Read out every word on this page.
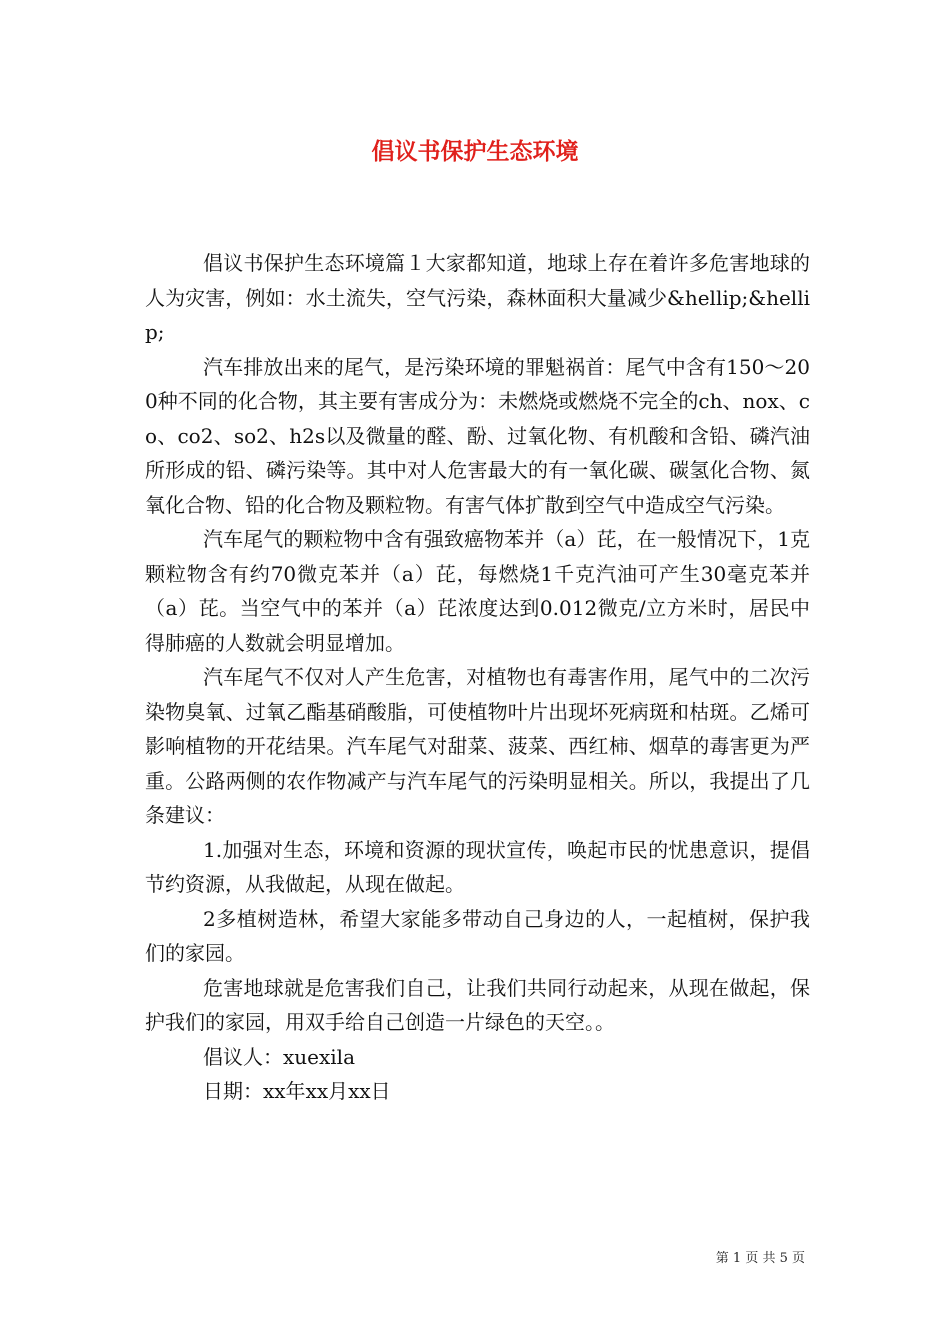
倡议书保护生态环境

倡议书保护生态环境篇１大家都知道，地球上存在着许多危害地球的人为灾害，例如：水土流失，空气污染，森林面积大量减少&hellip;&hellip;

汽车排放出来的尾气，是污染环境的罪魁祸首：尾气中含有150～200种不同的化合物，其主要有害成分为：未燃烧或燃烧不完全的ch、nox、co、co2、so2、h2s以及微量的醛、酚、过氧化物、有机酸和含铅、磷汽油所形成的铅、磷污染等。其中对人危害最大的有一氧化碳、碳氢化合物、氮氧化合物、铅的化合物及颗粒物。有害气体扩散到空气中造成空气污染。

汽车尾气的颗粒物中含有强致癌物苯并（a）芘，在一般情况下，1克颗粒物含有约70微克苯并（a）芘，每燃烧1千克汽油可产生30毫克苯并（a）芘。当空气中的苯并（a）芘浓度达到0.012微克/立方米时，居民中得肺癌的人数就会明显增加。

汽车尾气不仅对人产生危害，对植物也有毒害作用，尾气中的二次污染物臭氧、过氧乙酯基硝酸脂，可使植物叶片出现坏死病斑和枯斑。乙烯可影响植物的开花结果。汽车尾气对甜菜、菠菜、西红柿、烟草的毒害更为严重。公路两侧的农作物减产与汽车尾气的污染明显相关。所以，我提出了几条建议：

1.加强对生态，环境和资源的现状宣传，唤起市民的忧患意识，提倡节约资源，从我做起，从现在做起。

2多植树造林，希望大家能多带动自己身边的人，一起植树，保护我们的家园。

危害地球就是危害我们自己，让我们共同行动起来，从现在做起，保护我们的家园，用双手给自己创造一片绿色的天空。。

倡议人：xuexila

日期：xx年xx月xx日

第 1 页 共 5 页
